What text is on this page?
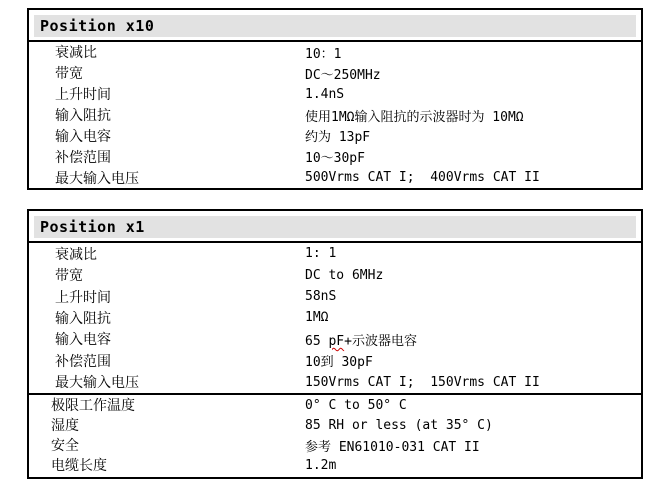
Position x10
衰减比	10：1
带宽	DC～250MHz
上升时间	1.4nS
输入阻抗	使用1MΩ输入阻抗的示波器时为 10MΩ
输入电容	约为 13pF
补偿范围	10～30pF
最大输入电压	500Vrms CAT I;  400Vrms CAT II
Position x1
衰减比	1: 1
带宽	DC to 6MHz
上升时间	58nS
输入阻抗	1MΩ
输入电容	65 pF+示波器电容
补偿范围	10到 30pF
最大输入电压	150Vrms CAT I;  150Vrms CAT II
极限工作温度	0° C to 50° C
湿度	85 RH or less (at 35° C)
安全	参考 EN61010-031 CAT II
电缆长度	1.2m
